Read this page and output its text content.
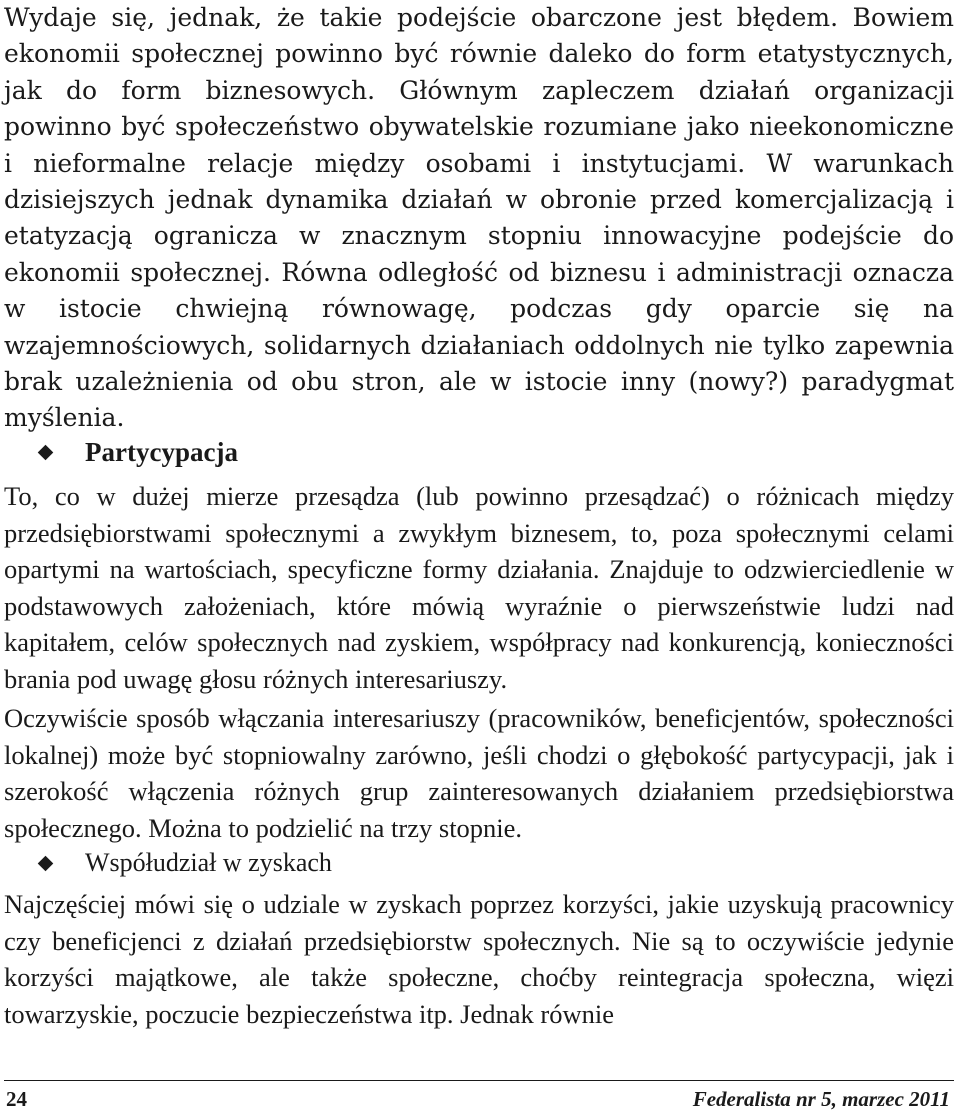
Wydaje się, jednak, że takie podejście obarczone jest błędem. Bowiem ekonomii społecznej powinno być równie daleko do form etatystycznych, jak do form biznesowych. Głównym zapleczem działań organizacji powinno być społeczeństwo obywatelskie rozumiane jako nieekonomiczne i nieformalne relacje między osobami i instytucjami. W warunkach dzisiejszych jednak dynamika działań w obronie przed komercjalizacją i etatyzacją ogranicza w znacznym stopniu innowacyjne podejście do ekonomii społecznej. Równa odległość od biznesu i administracji oznacza w istocie chwiejną równowagę, podczas gdy oparcie się na wzajemnościowych, solidarnych działaniach oddolnych nie tylko zapewnia brak uzależnienia od obu stron, ale w istocie inny (nowy?) paradygmat myślenia.

Partycypacja

To, co w dużej mierze przesądza (lub powinno przesądzać) o różnicach między przedsiębiorstwami społecznymi a zwykłym biznesem, to, poza społecznymi celami opartymi na wartościach, specyficzne formy działania. Znajduje to odzwierciedlenie w podstawowych założeniach, które mówią wyraźnie o pierwszeństwie ludzi nad kapitałem, celów społecznych nad zyskiem, współpracy nad konkurencją, konieczności brania pod uwagę głosu różnych interesariuszy.

Oczywiście sposób włączania interesariuszy (pracowników, beneficjentów, społeczności lokalnej) może być stopniowalny zarówno, jeśli chodzi o głębokość partycypacji, jak i szerokość włączenia różnych grup zainteresowanych działaniem przedsiębiorstwa społecznego. Można to podzielić na trzy stopnie.

Współudział w zyskach

Najczęściej mówi się o udziale w zyskach poprzez korzyści, jakie uzyskują pracownicy czy beneficjenci z działań przedsiębiorstw społecznych. Nie są to oczywiście jedynie korzyści majątkowe, ale także społeczne, choćby reintegracja społeczna, więzi towarzyskie, poczucie bezpieczeństwa itp. Jednak równie

24	Federalista nr 5, marzec 2011
